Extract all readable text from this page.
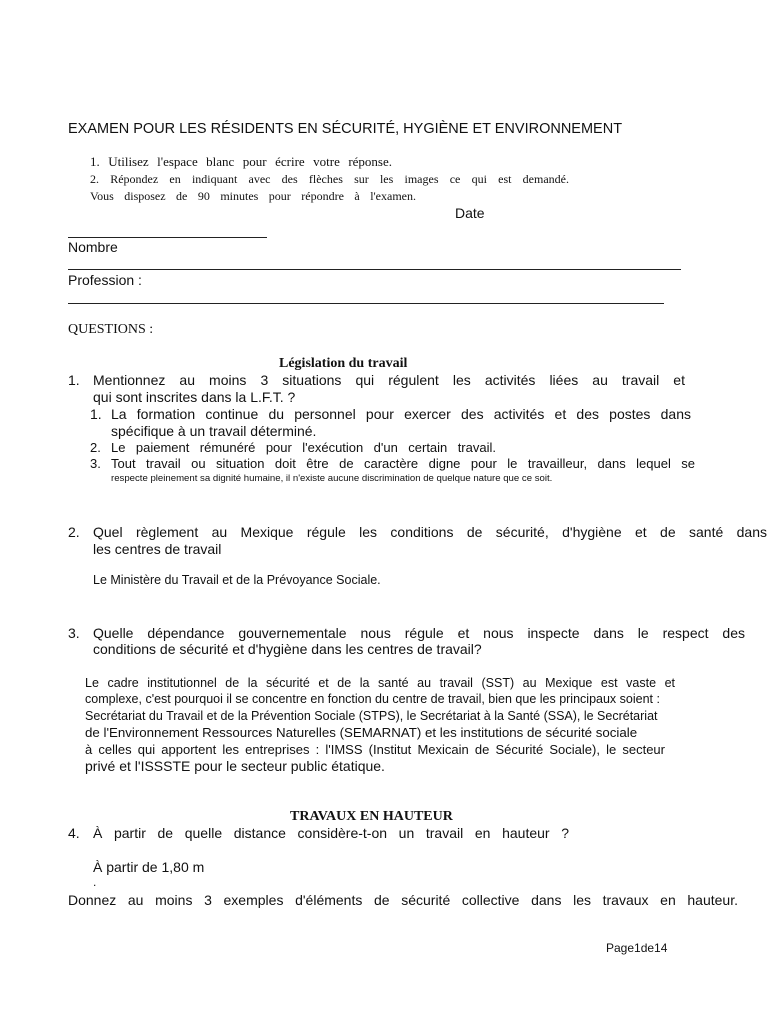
EXAMEN POUR LES RÉSIDENTS EN SÉCURITÉ, HYGIÈNE ET ENVIRONNEMENT
1. Utilisez l'espace blanc pour écrire votre réponse.
2. Répondez en indiquant avec des flèches sur les images ce qui est demandé.
Vous disposez de 90 minutes pour répondre à l'examen.
Date
Nombre
Profession :
QUESTIONS :
Législation du travail
1. Mentionnez au moins 3 situations qui régulent les activités liées au travail et
qui sont inscrites dans la L.F.T. ?
1. La formation continue du personnel pour exercer des activités et des postes dans
spécifique à un travail déterminé.
2. Le paiement rémunéré pour l'exécution d'un certain travail.
3. Tout travail ou situation doit être de caractère digne pour le travailleur, dans lequel se
respecte pleinement sa dignité humaine, il n'existe aucune discrimination de quelque nature que ce soit.
2. Quel règlement au Mexique régule les conditions de sécurité, d'hygiène et de santé dans
les centres de travail
Le Ministère du Travail et de la Prévoyance Sociale.
3. Quelle dépendance gouvernementale nous régule et nous inspecte dans le respect des
conditions de sécurité et d'hygiène dans les centres de travail?
Le cadre institutionnel de la sécurité et de la santé au travail (SST) au Mexique est vaste et
complexe, c'est pourquoi il se concentre en fonction du centre de travail, bien que les principaux soient :
Secrétariat du Travail et de la Prévention Sociale (STPS), le Secrétariat à la Santé (SSA), le Secrétariat
de l'Environnement Ressources Naturelles (SEMARNAT) et les institutions de sécurité sociale
à celles qui apportent les entreprises : l'IMSS (Institut Mexicain de Sécurité Sociale), le secteur
privé et l'ISSSTE pour le secteur public étatique.
TRAVAUX EN HAUTEUR
4. À partir de quelle distance considère-t-on un travail en hauteur ?
À partir de 1,80 m
.
Donnez au moins 3 exemples d'éléments de sécurité collective dans les travaux en hauteur.
Page1de14
